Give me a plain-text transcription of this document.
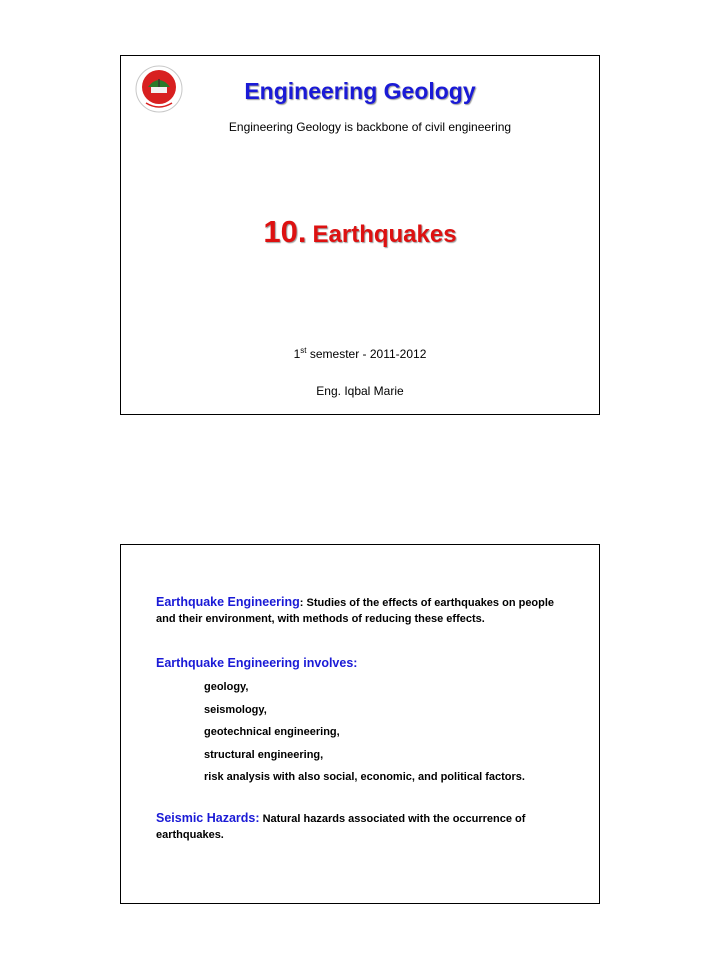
Engineering Geology
Engineering Geology is backbone of civil engineering
10. Earthquakes
1st semester - 2011-2012
Eng. Iqbal Marie
Earthquake Engineering: Studies of the effects of earthquakes on people and their environment, with methods of reducing these effects.
Earthquake Engineering involves:
geology,
seismology,
geotechnical engineering,
structural engineering,
risk analysis with also social, economic, and political factors.
Seismic Hazards: Natural hazards associated with the occurrence of earthquakes.
